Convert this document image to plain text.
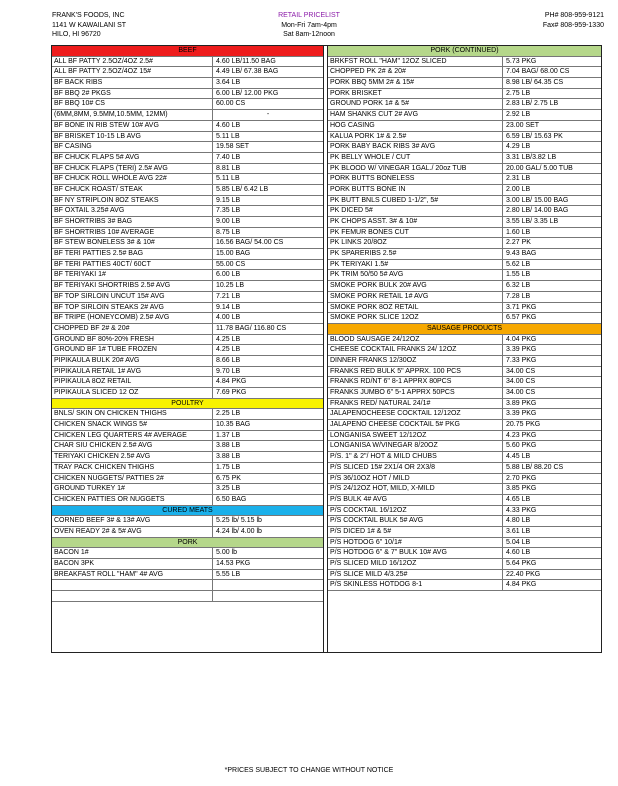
FRANK'S FOODS, INC
1141 W KAWAILANI ST
HILO, HI 96720
RETAIL PRICELIST
Mon-Fri 7am-4pm
Sat 8am-12noon
PH# 808-959-9121
Fax# 808-959-1330
BEEF
ALL BF PATTY 2.5OZ/4OZ 2.5#	4.60 LB/11.50 BAG
ALL BF PATTY 2.5OZ/4OZ 15#	4.49 LB/ 67.38 BAG
BF BACK RIBS	3.64 LB
BF BBQ 2# PKGS	6.00 LB/ 12.00 PKG
BF BBQ 10# CS	60.00 CS
(6MM,8MM, 9.5MM,10.5MM, 12MM)	-
BF BONE IN RIB STEW 10# AVG	4.60 LB
BF BRISKET 10-15 LB AVG	5.11 LB
BF CASING	19.58 SET
BF CHUCK FLAPS 5# AVG	7.40 LB
BF CHUCK FLAPS (TERI) 2.5# AVG	8.81 LB
BF CHUCK ROLL WHOLE AVG 22#	5.11 LB
BF CHUCK ROAST/ STEAK	5.85 LB/ 6.42 LB
BF NY STRIPLOIN 8OZ STEAKS	9.15 LB
BF OXTAIL 3.25# AVG	7.35 LB
BF SHORTRIBS 3# BAG	9.00 LB
BF SHORTRIBS 10# AVERAGE	8.75 LB
BF STEW BONELESS 3# & 10#	16.56 BAG/ 54.00 CS
BF TERI PATTIES 2.5# BAG	15.00 BAG
BF TERI PATTIES 40CT/ 60CT	55.00 CS
BF TERIYAKI 1#	6.00 LB
BF TERIYAKI SHORTRIBS 2.5# AVG	10.25 LB
BF TOP SIRLOIN UNCUT 15# AVG	7.21 LB
BF TOP SIRLOIN STEAKS 2# AVG	9.14 LB
BF TRIPE (HONEYCOMB) 2.5# AVG	4.00 LB
CHOPPED BF 2# & 20#	11.78 BAG/ 116.80 CS
GROUND BF 80%-20% FRESH	4.25 LB
GROUND BF 1# TUBE FROZEN	4.25 LB
PIPIKAULA BULK 20# AVG	8.66 LB
PIPIKAULA RETAIL 1# AVG	9.70 LB
PIPIKAULA 8OZ RETAIL	4.84 PKG
PIPIKAULA SLICED 12 OZ	7.69 PKG
POULTRY
BNLS/ SKIN ON CHICKEN THIGHS	2.25 LB
CHICKEN SNACK WINGS 5#	10.35 BAG
CHICKEN LEG QUARTERS 4# AVERAGE	1.37 LB
CHAR SIU CHICKEN 2.5# AVG	3.88 LB
TERIYAKI CHICKEN 2.5# AVG	3.88 LB
TRAY PACK CHICKEN THIGHS	1.75 LB
CHICKEN NUGGETS/ PATTIES 2#	6.75 PK
GROUND TURKEY 1#	3.25 LB
CHICKEN PATTIES OR NUGGETS	6.50 BAG
CURED MEATS
CORNED BEEF 3# & 13# AVG	5.25 lb/ 5.15 lb
OVEN READY 2# & 5# AVG	4.24 lb/ 4.00 lb
PORK
BACON 1#	5.00 lb
BACON 3PK	14.53 PKG
BREAKFAST ROLL "HAM" 4# AVG	5.55 LB
PORK (CONTINUED)
BRKFST ROLL "HAM" 12OZ SLICED	5.73 PKG
CHOPPED PK 2# & 20#	7.04 BAG/ 68.00 CS
PORK BBQ 5MM 2# & 15#	8.98 LB/ 64.35 CS
PORK BRISKET	2.75 LB
GROUND PORK 1# & 5#	2.83 LB/ 2.75 LB
HAM SHANKS CUT 2# AVG	2.92 LB
HOG CASING	23.00 SET
KALUA PORK 1# & 2.5#	6.59 LB/ 15.63 PK
PORK BABY BACK RIBS 3# AVG	4.29 LB
PK BELLY WHOLE / CUT	3.31 LB/3.82 LB
PK BLOOD W/ VINEGAR 1GAL./ 20oz TUB	20.00 GAL/ 5.00 TUB
PORK BUTTS BONELESS	2.31 LB
PORK BUTTS BONE IN	2.00 LB
PK BUTT BNLS CUBED 1-1/2", 5#	3.00 LB/ 15.00 BAG
PK DICED 5#	2.80 LB/ 14.00 BAG
PK CHOPS ASST. 3# & 10#	3.55 LB/ 3.35 LB
PK FEMUR BONES CUT	1.60 LB
PK LINKS 20/8OZ	2.27 PK
PK SPARERIBS 2.5#	9.43 BAG
PK TERIYAKI 1.5#	5.62 LB
PK TRIM 50/50 5# AVG	1.55 LB
SMOKE PORK BULK 20# AVG	6.32 LB
SMOKE PORK RETAIL 1# AVG	7.28 LB
SMOKE PORK 8OZ RETAIL	3.71 PKG
SMOKE PORK SLICE 12OZ	6.57 PKG
SAUSAGE PRODUCTS
BLOOD SAUSAGE 24/12OZ	4.04 PKG
CHEESE COCKTAIL FRANKS 24/ 12OZ	3.39 PKG
DINNER FRANKS 12/30OZ	7.33 PKG
FRANKS RED BULK 5" APPRX. 100 PCS	34.00 CS
FRANKS RD/NT 6" 8-1 APPRX 80PCS	34.00 CS
FRANKS JUMBO 6" 5-1 APPRX 50PCS	34.00 CS
FRANKS RED/ NATURAL 24/1#	3.89 PKG
JALAPENOCHEESE COCKTAIL 12/12OZ	3.39 PKG
JALAPENO CHEESE COCKTAIL 5# PKG	20.75 PKG
LONGANISA SWEET 12/12OZ	4.23 PKG
LONGANISA W/VINEGAR 8/20OZ	5.60 PKG
P/S. 1" & 2"/ HOT & MILD CHUBS	4.45 LB
P/S SLICED 15# 2X1/4 OR 2X3/8	5.88 LB/ 88.20 CS
P/S 36/10OZ HOT / MILD	2.70 PKG
P/S 24/12OZ HOT, MILD, X-MILD	3.85 PKG
P/S BULK 4# AVG	4.65 LB
P/S COCKTAIL 16/12OZ	4.33 PKG
P/S COCKTAIL BULK 5# AVG	4.80 LB
P/S DICED 1# & 5#	3.61 LB
P/S HOTDOG 6" 10/1#	5.04 LB
P/S HOTDOG 6" & 7" BULK 10# AVG	4.60 LB
P/S SLICED MILD 16/12OZ	5.64 PKG
P/S SLICE MILD 4/3.25#	22.40 PKG
P/S SKINLESS HOTDOG 8-1	4.84 PKG
*PRICES SUBJECT TO CHANGE WITHOUT NOTICE
